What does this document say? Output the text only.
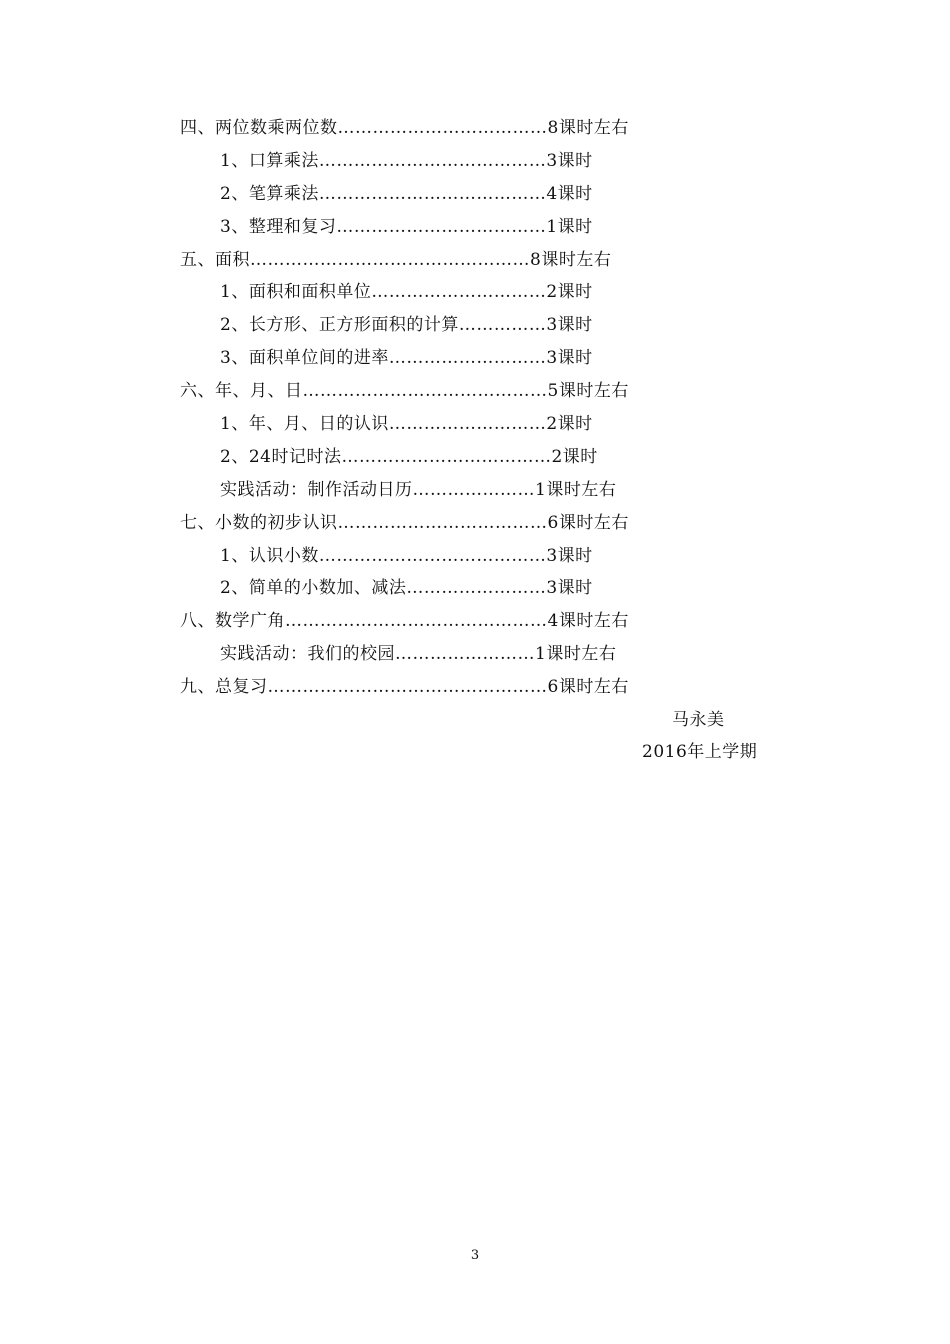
四、两位数乘两位数………………………………8课时左右
1、口算乘法…………………………………3课时
2、笔算乘法…………………………………4课时
3、整理和复习………………………………1课时
五、面积…………………………………………8课时左右
1、面积和面积单位…………………………2课时
2、长方形、正方形面积的计算……………3课时
3、面积单位间的进率………………………3课时
六、年、月、日……………………………………5课时左右
1、年、月、日的认识………………………2课时
2、24时记时法………………………………2课时
实践活动：制作活动日历…………………1课时左右
七、小数的初步认识………………………………6课时左右
1、认识小数…………………………………3课时
2、简单的小数加、减法……………………3课时
八、数学广角………………………………………4课时左右
实践活动：我们的校园……………………1课时左右
九、总复习…………………………………………6课时左右
马永美
2016年上学期
3
